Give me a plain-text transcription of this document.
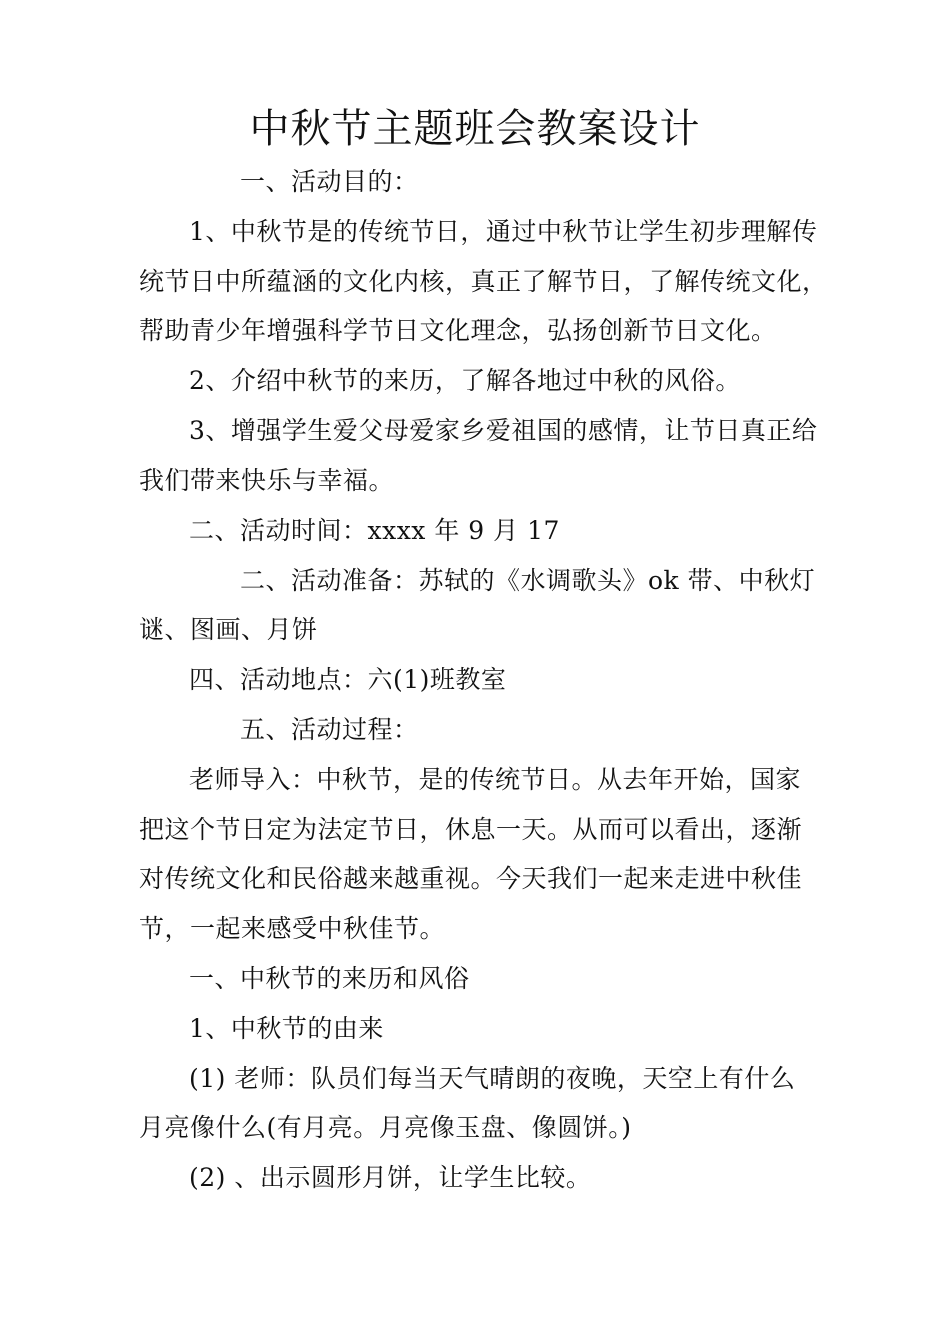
中秋节主题班会教案设计
一、活动目的：
1、中秋节是的传统节日，通过中秋节让学生初步理解传
统节日中所蕴涵的文化内核，真正了解节日，了解传统文化，
帮助青少年增强科学节日文化理念，弘扬创新节日文化。
2、介绍中秋节的来历，了解各地过中秋的风俗。
3、增强学生爱父母爱家乡爱祖国的感情，让节日真正给
我们带来快乐与幸福。
二、活动时间：xxxx 年 9 月 17
二、活动准备：苏轼的《水调歌头》ok 带、中秋灯
谜、图画、月饼
四、活动地点：六(1)班教室
五、活动过程：
老师导入：中秋节，是的传统节日。从去年开始，国家
把这个节日定为法定节日，休息一天。从而可以看出，逐渐
对传统文化和民俗越来越重视。今天我们一起来走进中秋佳
节，一起来感受中秋佳节。
一、中秋节的来历和风俗
1、中秋节的由来
(1) 老师：队员们每当天气晴朗的夜晚，天空上有什么
月亮像什么(有月亮。月亮像玉盘、像圆饼。)
(2) 、出示圆形月饼，让学生比较。
